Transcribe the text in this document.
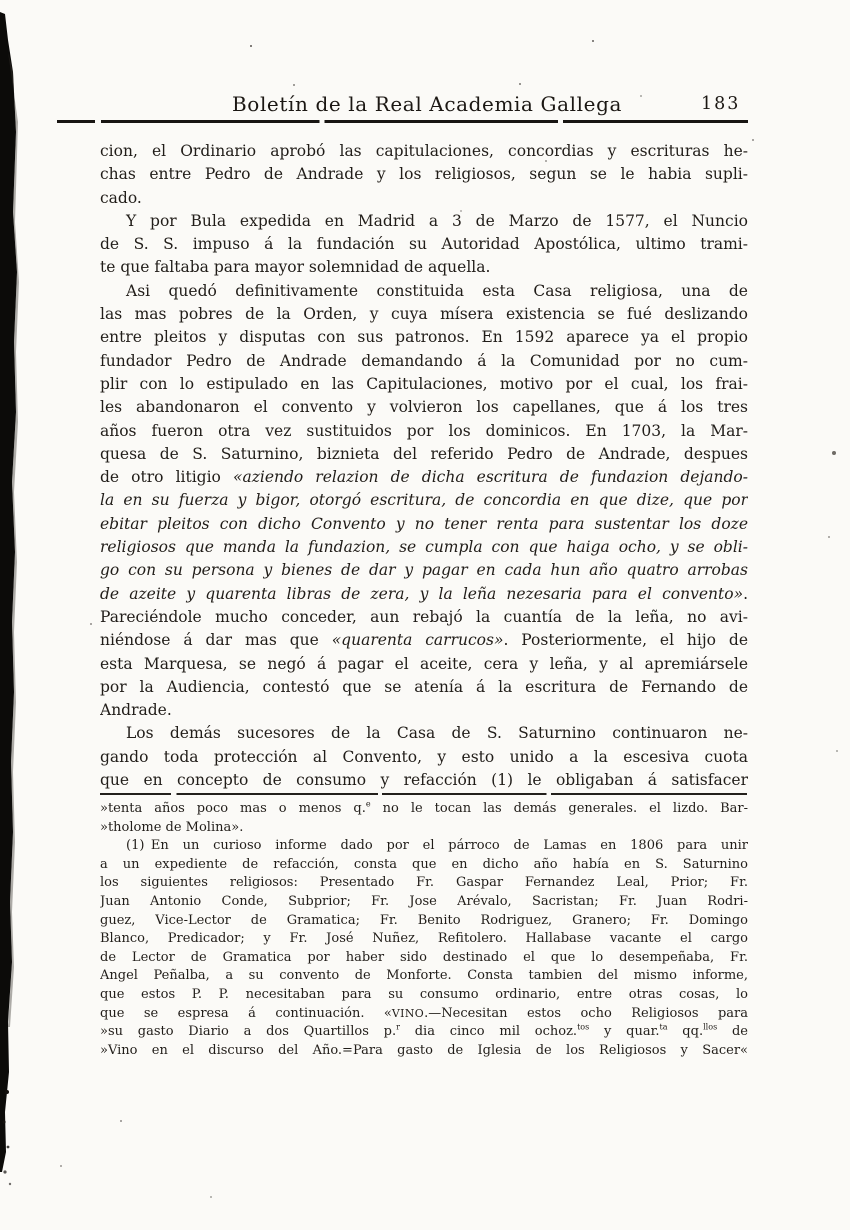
Boletín de la Real Academia Gallega	183
cion, el Ordinario aprobó las capitulaciones, concordias y escrituras he-
chas entre Pedro de Andrade y los religiosos, segun se le habia supli-
cado.
Y por Bula expedida en Madrid a 3 de Marzo de 1577, el Nuncio
de S. S. impuso á la fundación su Autoridad Apostólica, ultimo trami-
te que faltaba para mayor solemnidad de aquella.
Asi quedó definitivamente constituida esta Casa religiosa, una de
las mas pobres de la Orden, y cuya mísera existencia se fué deslizando
entre pleitos y disputas con sus patronos. En 1592 aparece ya el propio
fundador Pedro de Andrade demandando á la Comunidad por no cum-
plir con lo estipulado en las Capitulaciones, motivo por el cual, los frai-
les abandonaron el convento y volvieron los capellanes, que á los tres
años fueron otra vez sustituidos por los dominicos. En 1703, la Mar-
quesa de S. Saturnino, biznieta del referido Pedro de Andrade, despues
de otro litigio «aziendo relazion de dicha escritura de fundazion dejando-
la en su fuerza y bigor, otorgó escritura, de concordia en que dize, que por
ebitar pleitos con dicho Convento y no tener renta para sustentar los doze
religiosos que manda la fundazion, se cumpla con que haiga ocho, y se obli-
go con su persona y bienes de dar y pagar en cada hun año quatro arrobas
de azeite y quarenta libras de zera, y la leña nezesaria para el convento».
Pareciéndole mucho conceder, aun rebajó la cuantía de la leña, no avi-
niéndose á dar mas que «quarenta carrucos». Posteriormente, el hijo de
esta Marquesa, se negó á pagar el aceite, cera y leña, y al apremiársele
por la Audiencia, contestó que se atenía á la escritura de Fernando de
Andrade.
Los demás sucesores de la Casa de S. Saturnino continuaron ne-
gando toda protección al Convento, y esto unido a la escesiva cuota
que en concepto de consumo y refacción (1) le obligaban á satisfacer
»tenta años poco mas o menos q.$^e$ no le tocan las demás generales. el lizdo. Bar-
»tholome de Molina».
(1) En un curioso informe dado por el párroco de Lamas en 1806 para unir
a un expediente de refacción, consta que en dicho año había en S. Saturnino
los siguientes religiosos: Presentado Fr. Gaspar Fernandez Leal, Prior; Fr.
Juan Antonio Conde, Subprior; Fr. Jose Arévalo, Sacristan; Fr. Juan Rodri-
guez, Vice-Lector de Gramatica; Fr. Benito Rodriguez, Granero; Fr. Domingo
Blanco, Predicador; y Fr. José Nuñez, Refitolero. Hallabase vacante el cargo
de Lector de Gramatica por haber sido destinado el que lo desempeñaba, Fr.
Angel Peñalba, a su convento de Monforte. Consta tambien del mismo informe,
que estos P. P. necesitaban para su consumo ordinario, entre otras cosas, lo
que se espresa á continuación. «VINO.—Necesitan estos ocho Religiosos para
»su gasto Diario a dos Quartillos p.$^r$ dia cinco mil ochoz.$^{tos}$ y quar.$^{ta}$ qq.$^{llos}$ de
»Vino en el discurso del Año.=Para gasto de Iglesia de los Religiosos y Sacer«
